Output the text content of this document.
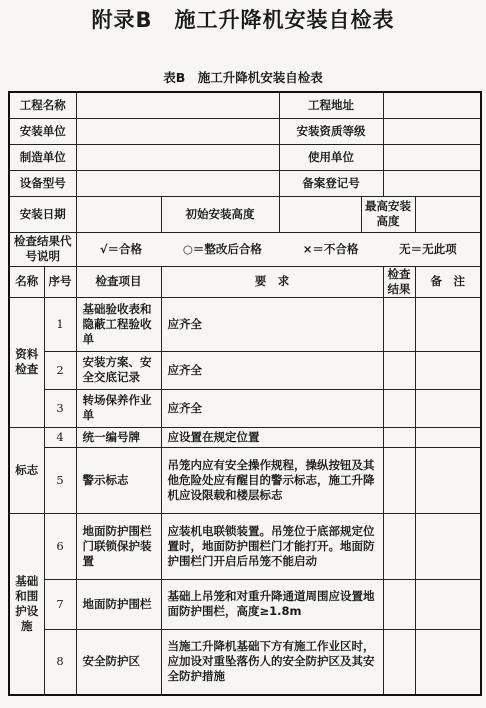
附录B　施工升降机安装自检表
表B　施工升降机安装自检表
工程名称				工程地址			
安装单位				安装资质等级			
制造单位				使用单位			
设备型号				备案登记号			
安装日期			初始安装高度		最高安装高度		
检查结果代号说明		√＝合格 ○＝整改后合格 ×＝不合格 无＝无此项					

名称	序号	检查项目	要　求			检查结果	备　注
资料检查	1	基础验收表和隐蔽工程验收单	应齐全				
	2	安装方案、安全交底记录	应齐全				
	3	转场保养作业单	应齐全				
标志	4	统一编号牌	应设置在规定位置				
	5	警示标志	吊笼内应有安全操作规程，操纵按钮及其他危险处应有醒目的警示标志，施工升降机应设限载和楼层标志				
基础和围护设施	6	地面防护围栏门联锁保护装置	应装机电联锁装置。吊笼位于底部规定位置时，地面防护围栏门才能打开。地面防护围栏门开启后吊笼不能启动				
	7	地面防护围栏	基础上吊笼和对重升降通道周围应设置地面防护围栏，高度≥1.8m				
	8	安全防护区	当施工升降机基础下方有施工作业区时，应加设对重坠落伤人的安全防护区及其安全防护措施				
